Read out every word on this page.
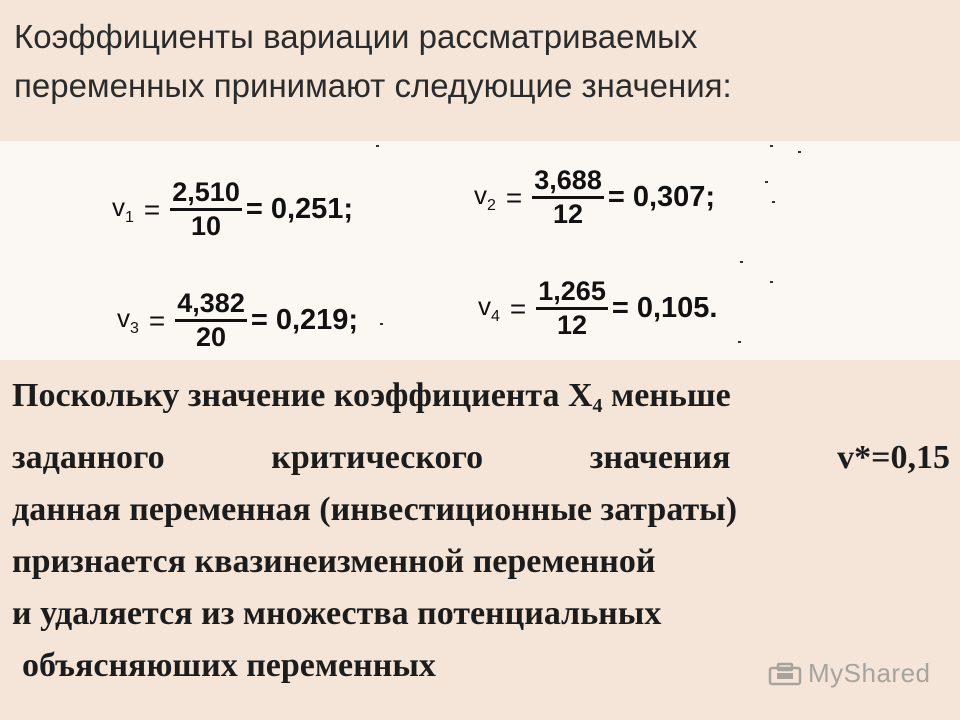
Коэффициенты вариации рассматриваемых
переменных принимают следующие значения:
$v_1 = \frac{2,510}{10} = 0,251$;	$v_2 = \frac{3,688}{12} = 0,307$;
$v_3 = \frac{4,382}{20} = 0,219$;	$v_4 = \frac{1,265}{12} = 0,105$.
Поскольку значение коэффициента $Х_4$ меньше
заданного	критического	значения	v*=0,15
данная переменная (инвестиционные затраты)
признается квазинеизменной переменной
и удаляется из множества потенциальных
объясняюших переменных	MyShared
